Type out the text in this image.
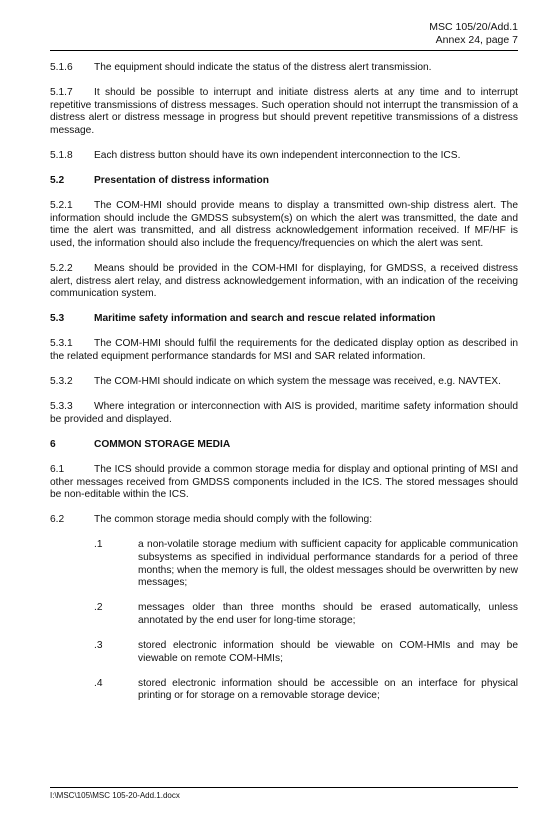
MSC 105/20/Add.1
Annex 24, page 7

5.1.6 The equipment should indicate the status of the distress alert transmission.

5.1.7 It should be possible to interrupt and initiate distress alerts at any time and to interrupt repetitive transmissions of distress messages. Such operation should not interrupt the transmission of a distress alert or distress message in progress but should prevent repetitive transmissions of a distress message.

5.1.8 Each distress button should have its own independent interconnection to the ICS.

5.2	Presentation of distress information

5.2.1 The COM-HMI should provide means to display a transmitted own-ship distress alert. The information should include the GMDSS subsystem(s) on which the alert was transmitted, the date and time the alert was transmitted, and all distress acknowledgement information received. If MF/HF is used, the information should also include the frequency/frequencies on which the alert was sent.

5.2.2 Means should be provided in the COM-HMI for displaying, for GMDSS, a received distress alert, distress alert relay, and distress acknowledgement information, with an indication of the receiving communication system.

5.3	Maritime safety information and search and rescue related information

5.3.1 The COM-HMI should fulfil the requirements for the dedicated display option as described in the related equipment performance standards for MSI and SAR related information.

5.3.2 The COM-HMI should indicate on which system the message was received, e.g. NAVTEX.

5.3.3 Where integration or interconnection with AIS is provided, maritime safety information should be provided and displayed.

6	COMMON STORAGE MEDIA

6.1	The ICS should provide a common storage media for display and optional printing of MSI and other messages received from GMDSS components included in the ICS. The stored messages should be non-editable within the ICS.

6.2	The common storage media should comply with the following:
.1	a non-volatile storage medium with sufficient capacity for applicable communication subsystems as specified in individual performance standards for a period of three months; when the memory is full, the oldest messages should be overwritten by new messages;
.2	messages older than three months should be erased automatically, unless annotated by the end user for long-time storage;
.3	stored electronic information should be viewable on COM-HMIs and may be viewable on remote COM-HMIs;
.4	stored electronic information should be accessible on an interface for physical printing or for storage on a removable storage device;
I:\MSC\105\MSC 105-20-Add.1.docx
